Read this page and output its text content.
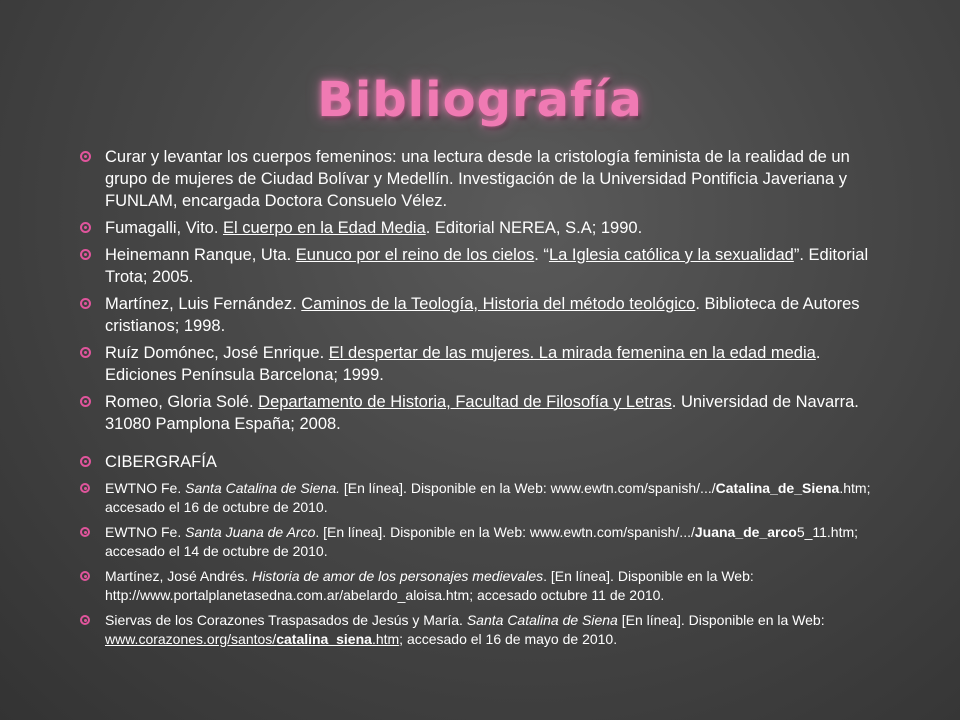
Bibliografía
Curar y levantar los cuerpos femeninos: una lectura desde la cristología feminista de la realidad de un grupo de mujeres de Ciudad Bolívar y Medellín. Investigación de la Universidad Pontificia Javeriana y FUNLAM, encargada Doctora Consuelo Vélez.
Fumagalli, Vito. El cuerpo en la Edad Media. Editorial NEREA, S.A; 1990.
Heinemann Ranque, Uta. Eunuco por el reino de los cielos. “La Iglesia católica y la sexualidad”. Editorial Trota; 2005.
Martínez, Luis Fernández. Caminos de la Teología, Historia del método teológico. Biblioteca de Autores cristianos; 1998.
Ruíz Domónec, José Enrique. El despertar de las mujeres. La mirada femenina en la edad media. Ediciones Península Barcelona; 1999.
Romeo, Gloria Solé. Departamento de Historia, Facultad de Filosofía y Letras. Universidad de Navarra. 31080 Pamplona España; 2008.
CIBERGRAFÍA
EWTNO Fe. Santa Catalina de Siena. [En línea]. Disponible en la Web: www.ewtn.com/spanish/.../Catalina_de_Siena.htm; accesado el 16 de octubre de 2010.
EWTNO Fe. Santa Juana de Arco. [En línea]. Disponible en la Web: www.ewtn.com/spanish/.../Juana_de_arco5_11.htm; accesado el 14 de octubre de 2010.
Martínez, José Andrés. Historia de amor de los personajes medievales. [En línea]. Disponible en la Web: http://www.portalplanetasedna.com.ar/abelardo_aloisa.htm; accesado octubre 11 de 2010.
Siervas de los Corazones Traspasados de Jesús y María. Santa Catalina de Siena [En línea]. Disponible en la Web: www.corazones.org/santos/catalina_siena.htm; accesado el 16 de mayo de 2010.
